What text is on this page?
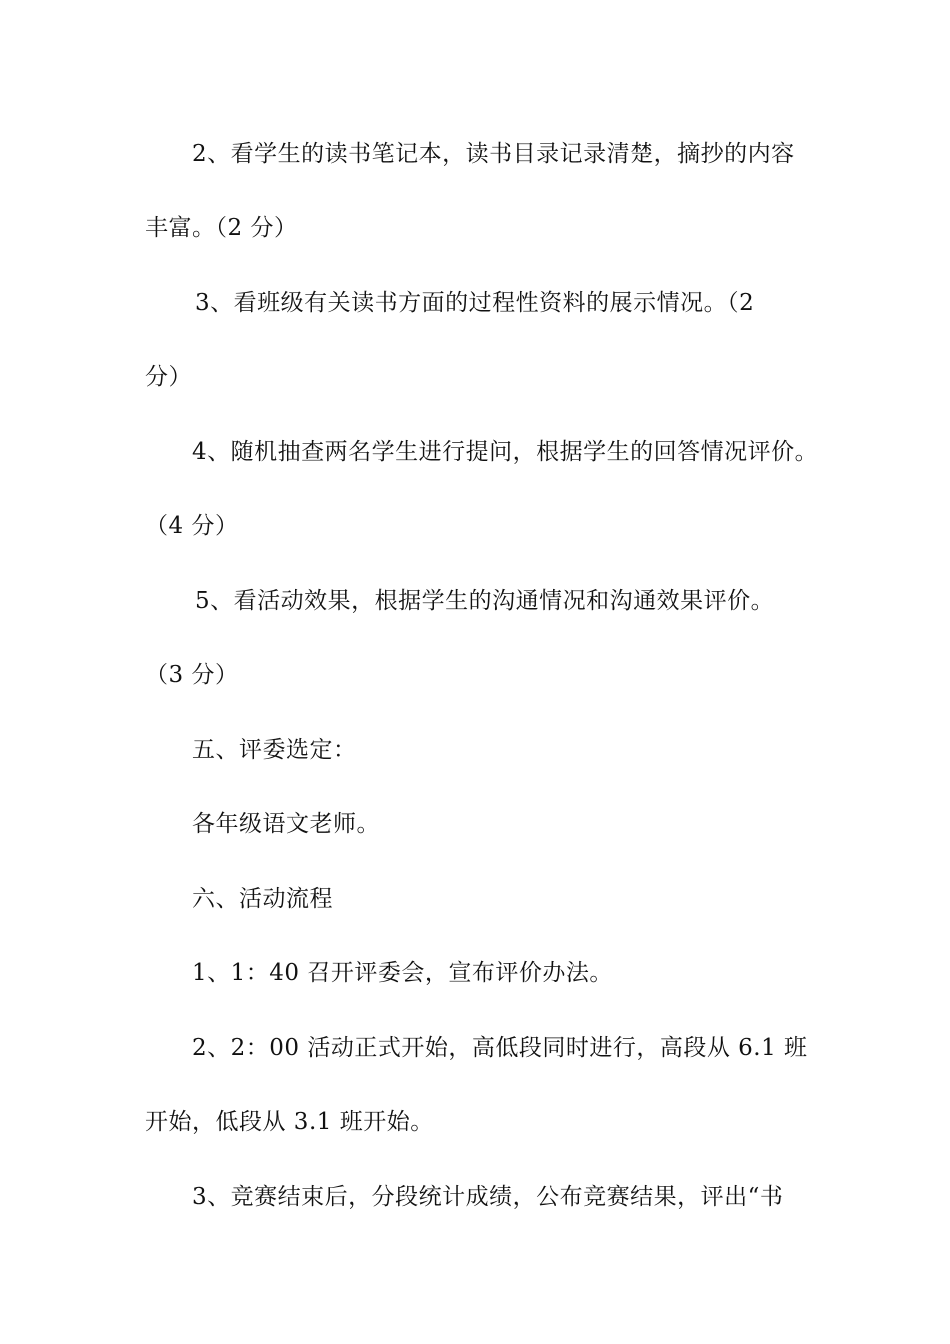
2、看学生的读书笔记本，读书目录记录清楚，摘抄的内容
丰富。（2 分）
3、看班级有关读书方面的过程性资料的展示情况。（2
分）
4、随机抽查两名学生进行提问，根据学生的回答情况评价。
（4 分）
5、看活动效果，根据学生的沟通情况和沟通效果评价。
（3 分）
五、评委选定：
各年级语文老师。
六、活动流程
1、1：40 召开评委会，宣布评价办法。
2、2：00 活动正式开始，高低段同时进行，高段从 6.1 班
开始，低段从 3.1 班开始。
3、竞赛结束后，分段统计成绩，公布竞赛结果，评出“书
